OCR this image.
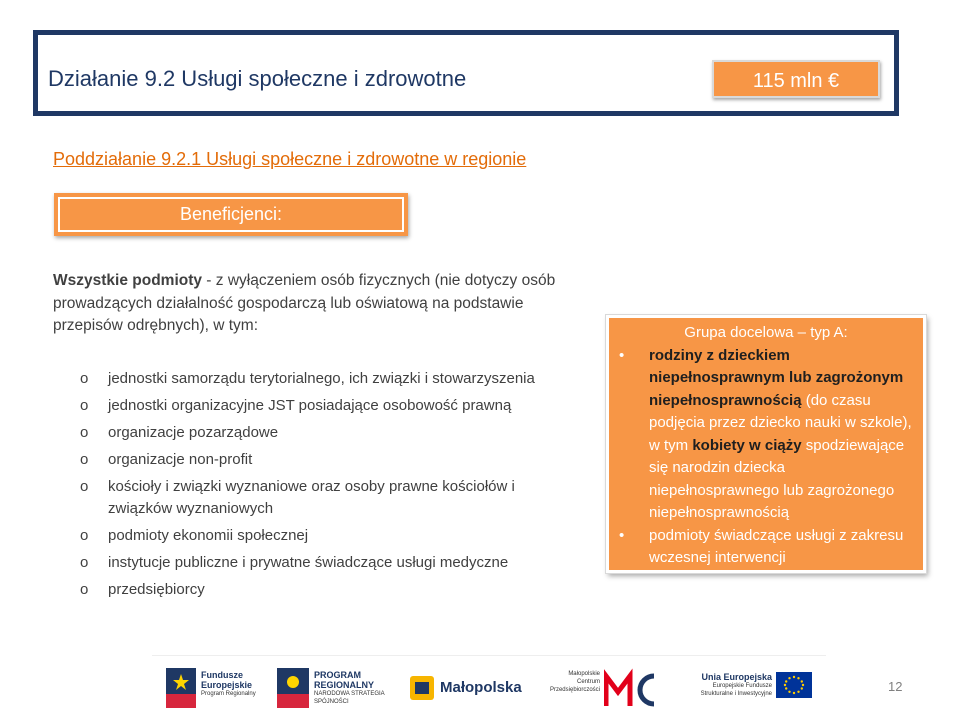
Działanie 9.2 Usługi społeczne i zdrowotne	115 mln €
Poddziałanie 9.2.1 Usługi społeczne i zdrowotne w regionie
Beneficjenci:
Wszystkie podmioty - z wyłączeniem osób fizycznych (nie dotyczy osób prowadzących działalność gospodarczą lub oświatową na podstawie przepisów odrębnych), w tym:
o jednostki samorządu terytorialnego, ich związki i stowarzyszenia
o jednostki organizacyjne JST posiadające osobowość prawną
o organizacje pozarządowe
o organizacje non-profit
o kościoły i związki wyznaniowe oraz osoby prawne kościołów i związków wyznaniowych
o podmioty ekonomii społecznej
o instytucje publiczne i prywatne świadczące usługi medyczne
o przedsiębiorcy
Grupa docelowa – typ A:
• rodziny z dzieckiem niepełnosprawnym lub zagrożonym niepełnosprawnością (do czasu podjęcia przez dziecko nauki w szkole), w tym kobiety w ciąży spodziewające się narodzin dziecka niepełnosprawnego lub zagrożonego niepełnosprawnością
• podmioty świadczące usługi z zakresu wczesnej interwencji
Fundusze
Europejskie
Program Regionalny
PROGRAM
REGIONALNY
NARODOWA STRATEGIA SPÓJNOŚCI
Małopolska
Małopolskie
Centrum
Przedsiębiorczości
Unia Europejska
Europejskie Fundusze
Strukturalne i Inwestycyjne	12
